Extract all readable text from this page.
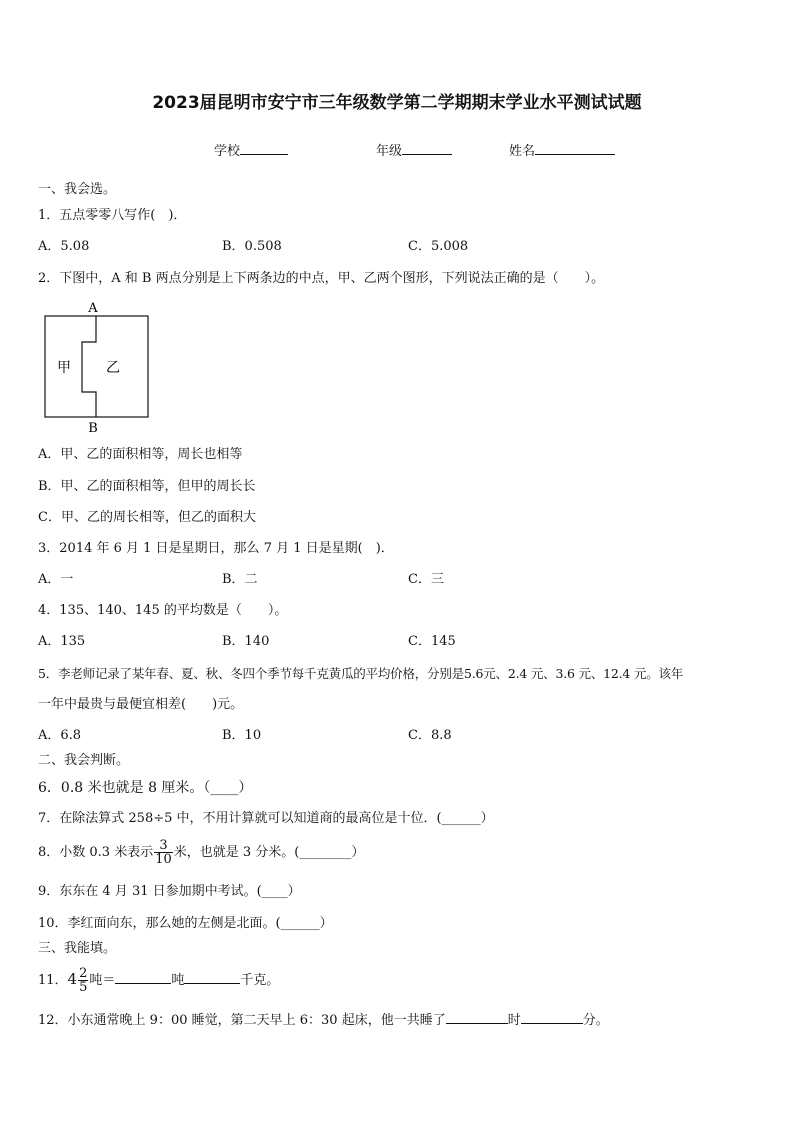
2023届昆明市安宁市三年级数学第二学期期末学业水平测试试题
学校	年级	姓名
一、我会选。
1．五点零零八写作(　)．
A．5.08	B．0.508	C．5.008
2．下图中，A 和 B 两点分别是上下两条边的中点，甲、乙两个图形，下列说法正确的是（　　）。
A
B
甲	乙
A．甲、乙的面积相等，周长也相等
B．甲、乙的面积相等，但甲的周长长
C．甲、乙的周长相等，但乙的面积大
3．2014 年 6 月 1 日是星期日，那么 7 月 1 日是星期(　)．
A．一	B．二	C．三
4．135、140、145 的平均数是（　　）。
A．135	B．140	C．145
5．李老师记录了某年春、夏、秋、冬四个季节每千克黄瓜的平均价格，分别是5.6元、2.4 元、3.6 元、12.4 元。该年
一年中最贵与最便宜相差(　　)元。
A．6.8	B．10	C．8.8
二、我会判断。
6．0.8 米也就是 8 厘米。（____）
7．在除法算式 258÷5 中，不用计算就可以知道商的最高位是十位．(______）
8．小数 0.3 米表示 $\frac{3}{10}$ 米，也就是 3 分米。(________）
9．东东在 4 月 31 日参加期中考试。(____）
10．李红面向东，那么她的左侧是北面。(______）
三、我能填。
11．$4 \frac{2}{5}$ 吨＝	吨	千克。
12．小东通常晚上 9：00 睡觉，第二天早上 6：30 起床，他一共睡了	时	分。
